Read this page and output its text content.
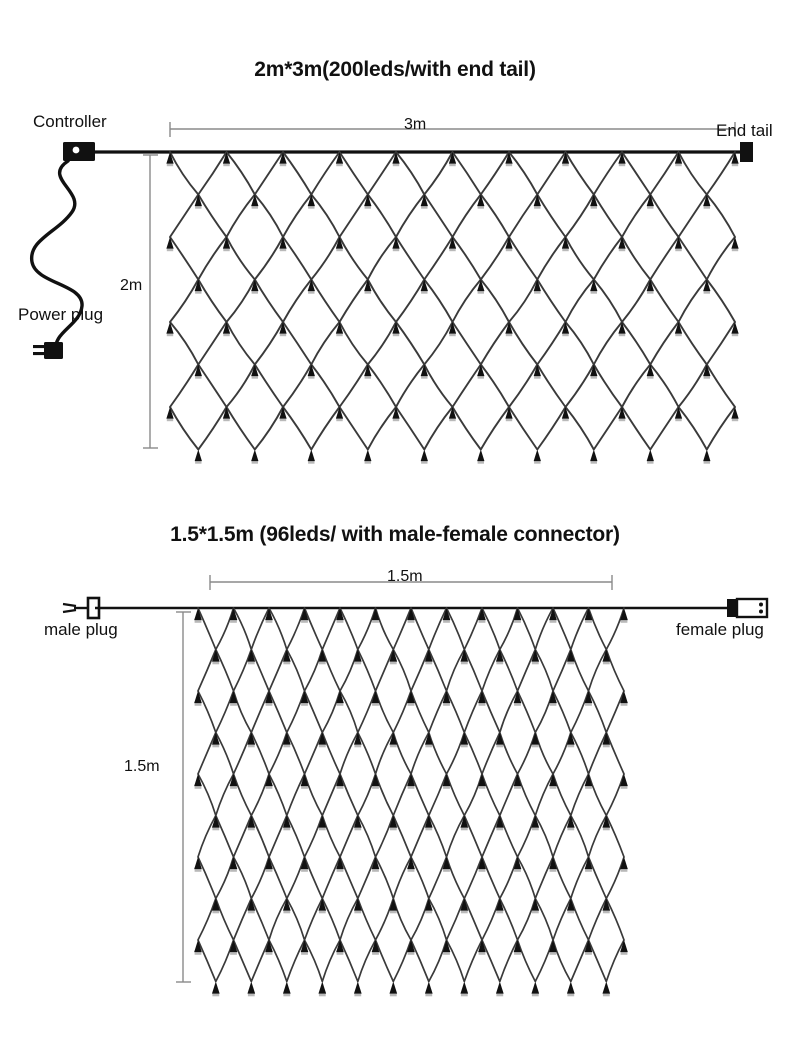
2m*3m(200leds/with end tail)
Controller
Power plug
End tail
3m
2m
1.5*1.5m (96leds/ with male-female connector)
male plug	female plug
1.5m
1.5m
